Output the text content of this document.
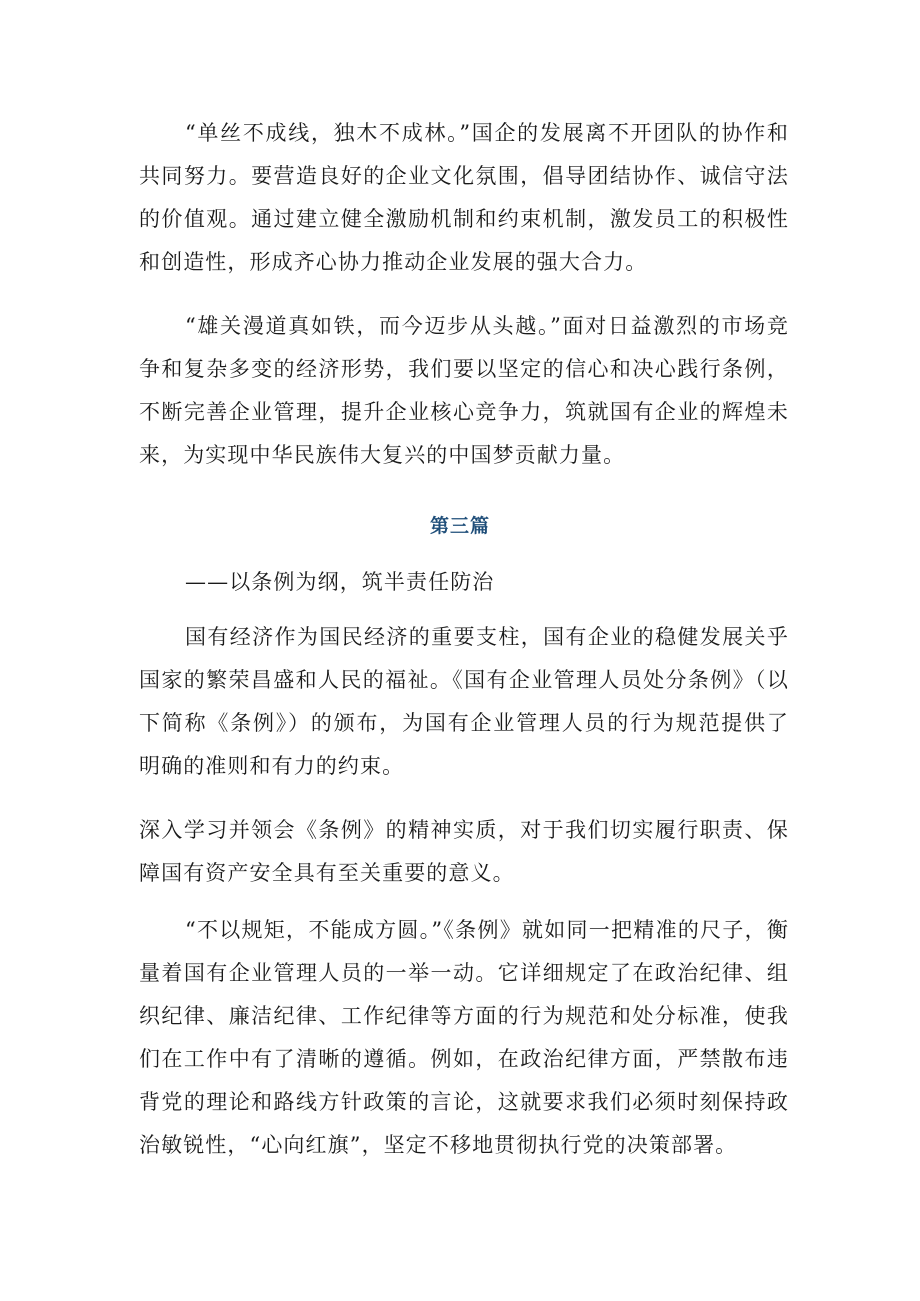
“单丝不成线，独木不成林。”国企的发展离不开团队的协作和共同努力。要营造良好的企业文化氛围，倡导团结协作、诚信守法的价值观。通过建立健全激励机制和约束机制，激发员工的积极性和创造性，形成齐心协力推动企业发展的强大合力。

“雄关漫道真如铁，而今迈步从头越。”面对日益激烈的市场竞争和复杂多变的经济形势，我们要以坚定的信心和决心践行条例，不断完善企业管理，提升企业核心竞争力，筑就国有企业的辉煌未来，为实现中华民族伟大复兴的中国梦贡献力量。

第三篇

——以条例为纲，筑半责任防治

国有经济作为国民经济的重要支柱，国有企业的稳健发展关乎国家的繁荣昌盛和人民的福祉。《国有企业管理人员处分条例》（以下简称《条例》）的颁布，为国有企业管理人员的行为规范提供了明确的准则和有力的约束。

深入学习并领会《条例》的精神实质，对于我们切实履行职责、保障国有资产安全具有至关重要的意义。

“不以规矩，不能成方圆。”《条例》就如同一把精准的尺子，衡量着国有企业管理人员的一举一动。它详细规定了在政治纪律、组织纪律、廉洁纪律、工作纪律等方面的行为规范和处分标准，使我们在工作中有了清晰的遵循。例如，在政治纪律方面，严禁散布违背党的理论和路线方针政策的言论，这就要求我们必须时刻保持政治敏锐性，“心向红旗”，坚定不移地贯彻执行党的决策部署。
